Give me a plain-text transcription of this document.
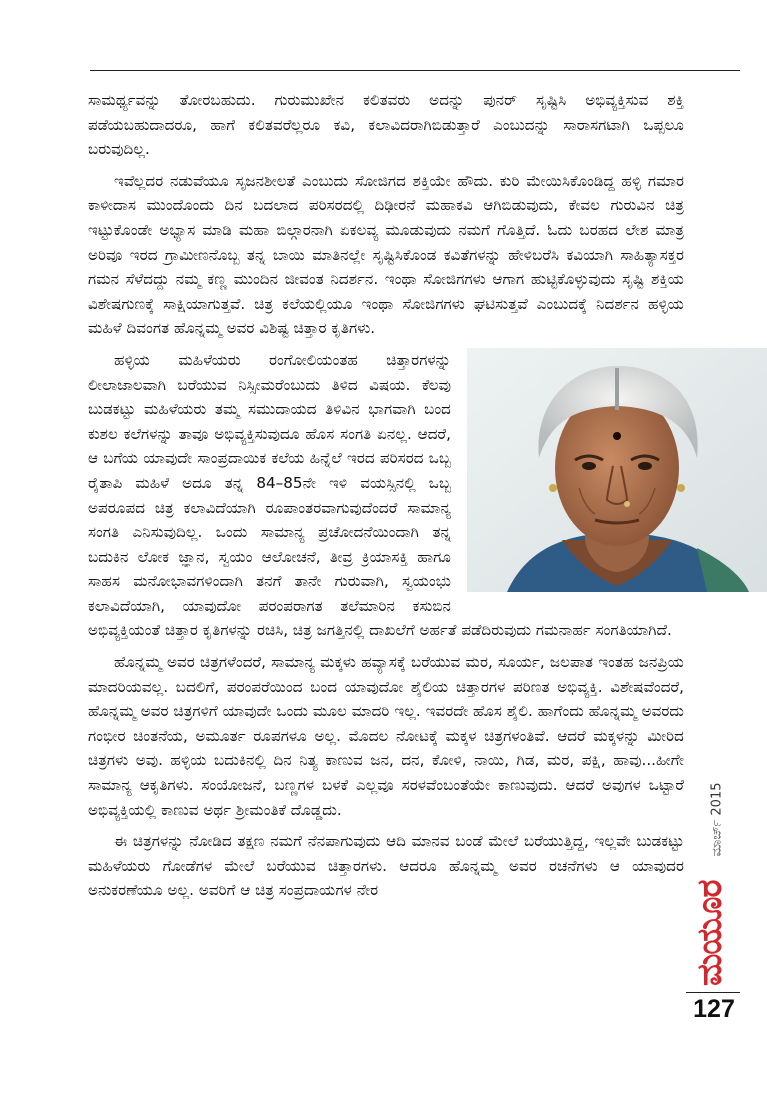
ಸಾಮರ್ಥ್ಯವನ್ನು ತೋರಬಹುದು. ಗುರುಮುಖೇನ ಕಲಿತವರು ಅದನ್ನು ಪುನರ್ ಸೃಷ್ಟಿಸಿ ಅಭಿವ್ಯಕ್ತಿಸುವ ಶಕ್ತಿ ಪಡೆಯಬಹುದಾದರೂ, ಹಾಗೆ ಕಲಿತವರೆಲ್ಲರೂ ಕವಿ, ಕಲಾವಿದರಾಗಿಬಿಡುತ್ತಾರೆ ಎಂಬುದನ್ನು ಸಾರಾಸಗಟಾಗಿ ಒಪ್ಪಲೂ ಬರುವುದಿಲ್ಲ.

ಇವೆಲ್ಲದರ ನಡುವೆಯೂ ಸೃಜನಶೀಲತೆ ಎಂಬುದು ಸೋಜಿಗದ ಶಕ್ತಿಯೇ ಹೌದು. ಕುರಿ ಮೇಯಿಸಿಕೊಂಡಿದ್ದ ಹಳ್ಳಿ ಗಮಾರ ಕಾಳೀದಾಸ ಮುಂದೊಂದು ದಿನ ಬದಲಾದ ಪರಿಸರದಲ್ಲಿ ದಿಢೀರನೆ ಮಹಾಕವಿ ಆಗಿಬಿಡುವುದು, ಕೇವಲ ಗುರುವಿನ ಚಿತ್ರ ಇಟ್ಟುಕೊಂಡೇ ಅಭ್ಯಾಸ ಮಾಡಿ ಮಹಾ ಬಿಲ್ಗಾರನಾಗಿ ಏಕಲವ್ಯ ಮೂಡುವುದು ನಮಗೆ ಗೊತ್ತಿದೆ. ಓದು ಬರಹದ ಲೇಶ ಮಾತ್ರ ಅರಿವೂ ಇರದ ಗ್ರಾಮೀಣನೊಬ್ಬ ತನ್ನ ಬಾಯಿ ಮಾತಿನಲ್ಲೇ ಸೃಷ್ಟಿಸಿಕೊಂಡ ಕವಿತೆಗಳನ್ನು ಹೇಳಿಬರೆಸಿ ಕವಿಯಾಗಿ ಸಾಹಿತ್ಯಾಸಕ್ತರ ಗಮನ ಸೆಳೆದದ್ದು ನಮ್ಮ ಕಣ್ಣ ಮುಂದಿನ ಜೀವಂತ ನಿದರ್ಶನ. ಇಂಥಾ ಸೋಜಿಗಗಳು ಆಗಾಗ ಹುಟ್ಟಿಕೊಳ್ಳುವುದು ಸೃಷ್ಟಿ ಶಕ್ತಿಯ ವಿಶೇಷಗುಣಕ್ಕೆ ಸಾಕ್ಷಿಯಾಗುತ್ತವೆ. ಚಿತ್ರ ಕಲೆಯಲ್ಲಿಯೂ ಇಂಥಾ ಸೋಜಿಗಗಳು ಘಟಿಸುತ್ತವೆ ಎಂಬುದಕ್ಕೆ ನಿದರ್ಶನ ಹಳ್ಳಿಯ ಮಹಿಳೆ ದಿವಂಗತ ಹೊನ್ನಮ್ಮ ಅವರ ವಿಶಿಷ್ಟ ಚಿತ್ತಾರ ಕೃತಿಗಳು.

ಹಳ್ಳಿಯ ಮಹಿಳೆಯರು ರಂಗೋಲಿಯಂತಹ ಚಿತ್ತಾರಗಳನ್ನು ಲೀಲಾಜಾಲವಾಗಿ ಬರೆಯುವ ನಿಸ್ಸೀಮರೆಂಬುದು ತಿಳಿದ ವಿಷಯ. ಕೆಲವು ಬುಡಕಟ್ಟು ಮಹಿಳೆಯರು ತಮ್ಮ ಸಮುದಾಯದ ತಿಳಿವಿನ ಭಾಗವಾಗಿ ಬಂದ ಕುಶಲ ಕಲೆಗಳನ್ನು ತಾವೂ ಅಭಿವ್ಯಕ್ತಿಸುವುದೂ ಹೊಸ ಸಂಗತಿ ಏನಲ್ಲ. ಆದರೆ, ಆ ಬಗೆಯ ಯಾವುದೇ ಸಾಂಪ್ರದಾಯಿಕ ಕಲೆಯ ಹಿನ್ನೆಲೆ ಇರದ ಪರಿಸರದ ಒಬ್ಬ ರೈತಾಪಿ ಮಹಿಳೆ ಅದೂ ತನ್ನ 84–85ನೇ ಇಳಿ ವಯಸ್ಸಿನಲ್ಲಿ ಒಬ್ಬ ಅಪರೂಪದ ಚಿತ್ರ ಕಲಾವಿದೆಯಾಗಿ ರೂಪಾಂತರವಾಗುವುದೆಂದರೆ ಸಾಮಾನ್ಯ ಸಂಗತಿ ಎನಿಸುವುದಿಲ್ಲ. ಒಂದು ಸಾಮಾನ್ಯ ಪ್ರಚೋದನೆಯಿಂದಾಗಿ ತನ್ನ ಬದುಕಿನ ಲೋಕ ಜ್ಞಾನ, ಸ್ವಯಂ ಆಲೋಚನೆ, ತೀವ್ರ ಕ್ರಿಯಾಸಕ್ತಿ ಹಾಗೂ ಸಾಹಸ ಮನೋಭಾವಗಳಿಂದಾಗಿ ತನಗೆ ತಾನೇ ಗುರುವಾಗಿ, ಸ್ವಯಂಭು ಕಲಾವಿದೆಯಾಗಿ, ಯಾವುದೋ ಪರಂಪರಾಗತ ತಲೆಮಾರಿನ ಕಸುಬಿನ ಅಭಿವ್ಯಕ್ತಿಯಂತೆ ಚಿತ್ತಾರ ಕೃತಿಗಳನ್ನು ರಚಿಸಿ, ಚಿತ್ರ ಜಗತ್ತಿನಲ್ಲಿ ದಾಖಲೆಗೆ ಅರ್ಹತೆ ಪಡೆದಿರುವುದು ಗಮನಾರ್ಹ ಸಂಗತಿಯಾಗಿದೆ.

ಹೊನ್ನಮ್ಮ ಅವರ ಚಿತ್ರಗಳೆಂದರೆ, ಸಾಮಾನ್ಯ ಮಕ್ಕಳು ಹವ್ಯಾಸಕ್ಕೆ ಬರೆಯುವ ಮರ, ಸೂರ್ಯ, ಜಲಪಾತ ಇಂತಹ ಜನಪ್ರಿಯ ಮಾದರಿಯವಲ್ಲ. ಬದಲಿಗೆ, ಪರಂಪರೆಯಿಂದ ಬಂದ ಯಾವುದೋ ಶೈಲಿಯ ಚಿತ್ತಾರಗಳ ಪರಿಣತ ಅಭಿವ್ಯಕ್ತಿ. ವಿಶೇಷವೆಂದರೆ, ಹೊನ್ನಮ್ಮ ಅವರ ಚಿತ್ರಗಳಿಗೆ ಯಾವುದೇ ಒಂದು ಮೂಲ ಮಾದರಿ ಇಲ್ಲ. ಇವರದೇ ಹೊಸ ಶೈಲಿ. ಹಾಗೆಂದು ಹೊನ್ನಮ್ಮ ಅವರದು ಗಂಭೀರ ಚಿಂತನೆಯ, ಅಮೂರ್ತ ರೂಪಗಳೂ ಅಲ್ಲ. ಮೊದಲ ನೋಟಕ್ಕೆ ಮಕ್ಕಳ ಚಿತ್ರಗಳಂತಿವೆ. ಆದರೆ ಮಕ್ಕಳನ್ನು ಮೀರಿದ ಚಿತ್ರಗಳು ಅವು. ಹಳ್ಳಿಯ ಬದುಕಿನಲ್ಲಿ ದಿನ ನಿತ್ಯ ಕಾಣುವ ಜನ, ದನ, ಕೋಳಿ, ನಾಯಿ, ಗಿಡ, ಮರ, ಪಕ್ಷಿ, ಹಾವು...ಹೀಗೇ ಸಾಮಾನ್ಯ ಆಕೃತಿಗಳು. ಸಂಯೋಜನೆ, ಬಣ್ಣಗಳ ಬಳಕೆ ಎಲ್ಲವೂ ಸರಳವೆಂಬಂತೆಯೇ ಕಾಣುವುದು. ಆದರೆ ಅವುಗಳ ಒಟ್ಟಾರೆ ಅಭಿವ್ಯಕ್ತಿಯಲ್ಲಿ ಕಾಣುವ ಅರ್ಥ ಶ್ರೀಮಂತಿಕೆ ದೊಡ್ಡದು.

ಈ ಚಿತ್ರಗಳನ್ನು ನೋಡಿದ ತಕ್ಷಣ ನಮಗೆ ನೆನಪಾಗುವುದು ಆದಿ ಮಾನವ ಬಂಡೆ ಮೇಲೆ ಬರೆಯುತ್ತಿದ್ದ, ಇಲ್ಲವೇ ಬುಡಕಟ್ಟು ಮಹಿಳೆಯರು ಗೋಡೆಗಳ ಮೇಲೆ ಬರೆಯುವ ಚಿತ್ತಾರಗಳು. ಆದರೂ ಹೊನ್ನಮ್ಮ ಅವರ ರಚನೆಗಳು ಆ ಯಾವುದರ ಅನುಕರಣೆಯೂ ಅಲ್ಲ. ಅವರಿಗೆ ಆ ಚಿತ್ರ ಸಂಪ್ರದಾಯಗಳ ನೇರ

ಮಾರ್ಚ್ 2015
ಮಯೂರ
127
